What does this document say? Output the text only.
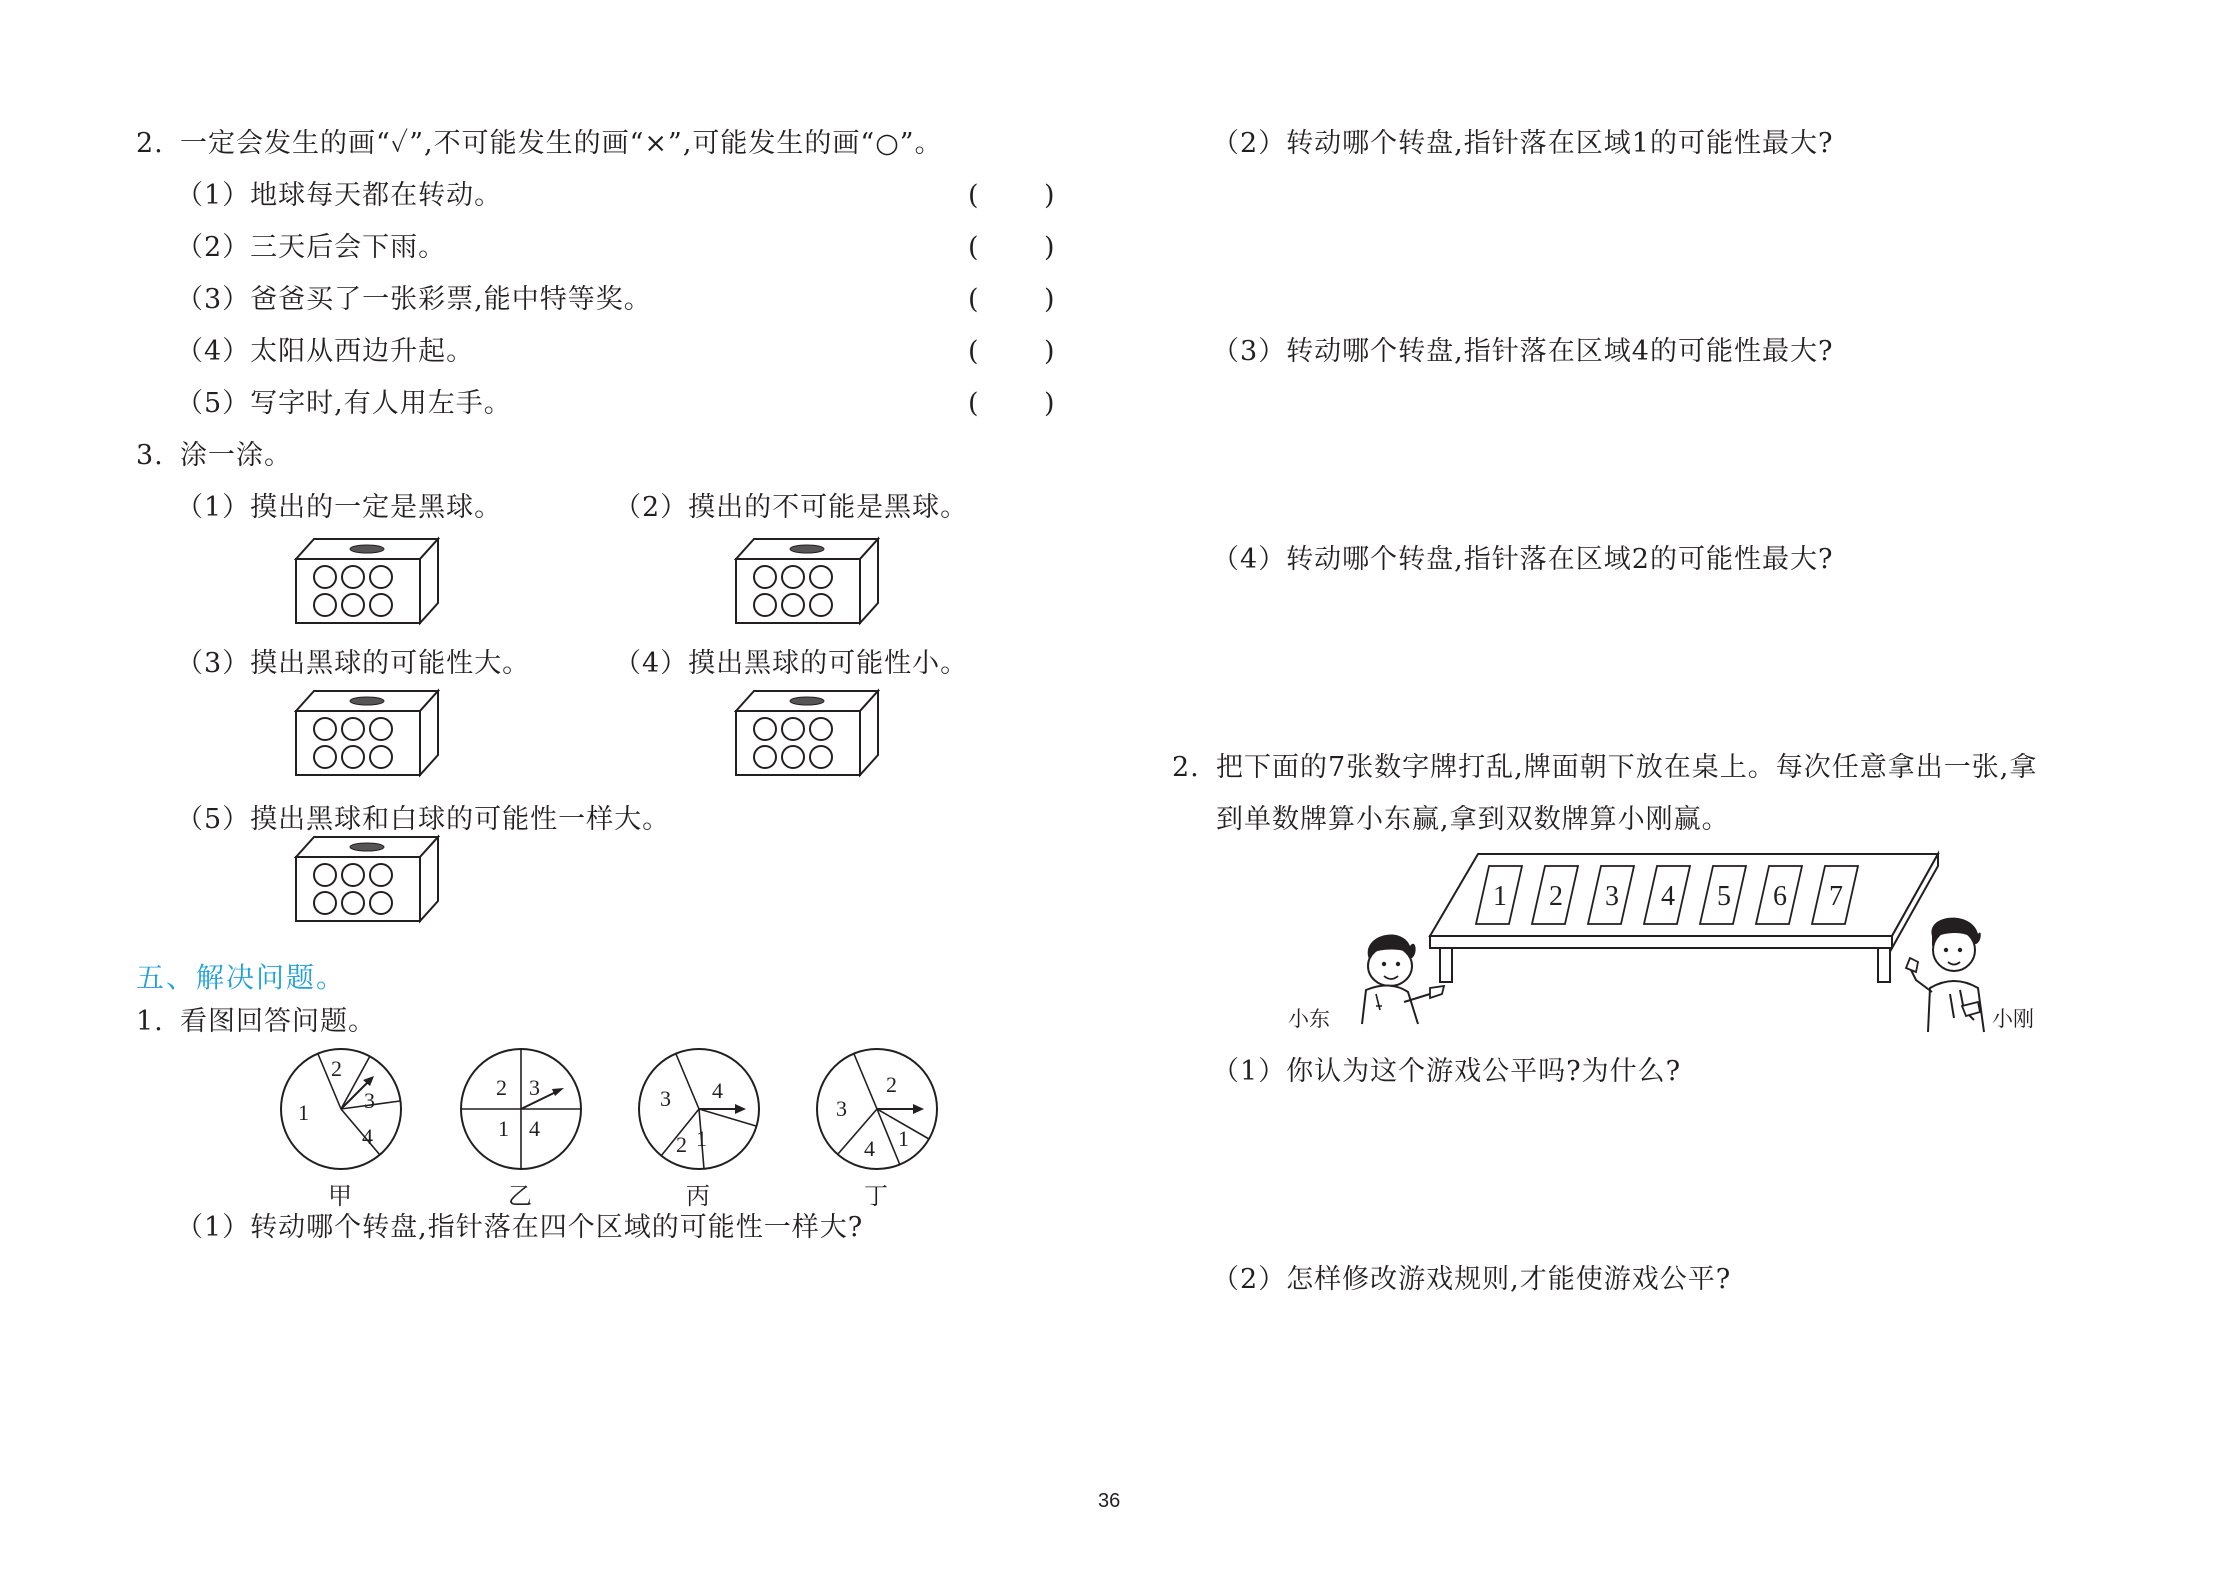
2. 一定会发生的画“✓”,不可能发生的画“×”,可能发生的画“○”。
（1）地球每天都在转动。	( )
（2）三天后会下雨。	( )
（3）爸爸买了一张彩票,能中特等奖。	( )
（4）太阳从西边升起。	( )
（5）写字时,有人用左手。	( )
3. 涂一涂。
（1）摸出的一定是黑球。	（2）摸出的不可能是黑球。
（3）摸出黑球的可能性大。	（4）摸出黑球的可能性小。
（5）摸出黑球和白球的可能性一样大。
五、解决问题。
1. 看图回答问题。
1
2
3
4
甲
2 3
1 4
乙
3 4
2 1
丙
3
2
4 1
丁
（1）转动哪个转盘,指针落在四个区域的可能性一样大?
（2）转动哪个转盘,指针落在区域1的可能性最大?
（3）转动哪个转盘,指针落在区域4的可能性最大?
（4）转动哪个转盘,指针落在区域2的可能性最大?
2. 把下面的7张数字牌打乱,牌面朝下放在桌上。每次任意拿出一张,拿
到单数牌算小东赢,拿到双数牌算小刚赢。
1 2 3 4 5 6 7
小东	小刚
（1）你认为这个游戏公平吗?为什么?
（2）怎样修改游戏规则,才能使游戏公平?
36
